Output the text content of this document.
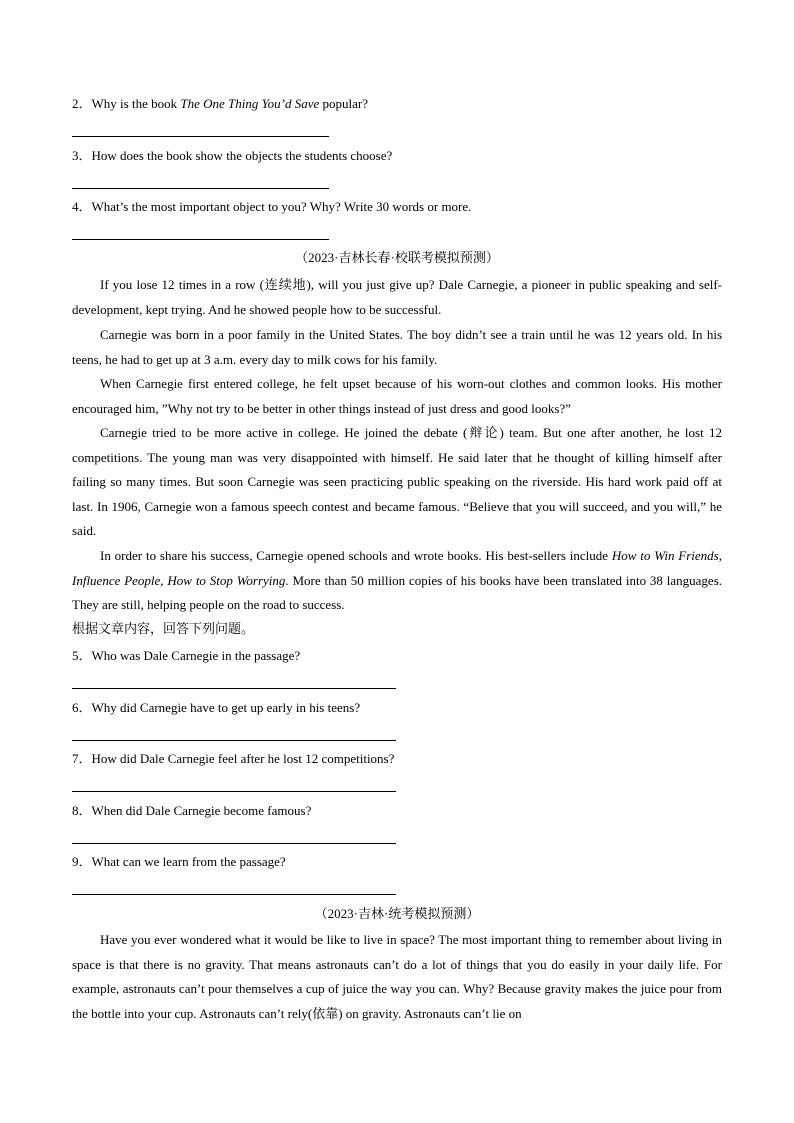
2．Why is the book The One Thing You’d Save popular?
3．How does the book show the objects the students choose?
4．What’s the most important object to you? Why? Write 30 words or more.
（2023·吉林长春·校联考模拟预测）
If you lose 12 times in a row (连续地), will you just give up? Dale Carnegie, a pioneer in public speaking and self-development, kept trying. And he showed people how to be successful.
Carnegie was born in a poor family in the United States. The boy didn’t see a train until he was 12 years old. In his teens, he had to get up at 3 a.m. every day to milk cows for his family.
When Carnegie first entered college, he felt upset because of his worn-out clothes and common looks. His mother encouraged him, ”Why not try to be better in other things instead of just dress and good looks?”
Carnegie tried to be more active in college. He joined the debate (辩论) team. But one after another, he lost 12 competitions. The young man was very disappointed with himself. He said later that he thought of killing himself after failing so many times. But soon Carnegie was seen practicing public speaking on the riverside. His hard work paid off at last. In 1906, Carnegie won a famous speech contest and became famous. “Believe that you will succeed, and you will,” he said.
In order to share his success, Carnegie opened schools and wrote books. His best-sellers include How to Win Friends, Influence People, How to Stop Worrying. More than 50 million copies of his books have been translated into 38 languages. They are still, helping people on the road to success.
根据文章内容，回答下列问题。
5．Who was Dale Carnegie in the passage?
6．Why did Carnegie have to get up early in his teens?
7．How did Dale Carnegie feel after he lost 12 competitions?
8．When did Dale Carnegie become famous?
9．What can we learn from the passage?
（2023·吉林·统考模拟预测）
Have you ever wondered what it would be like to live in space? The most important thing to remember about living in space is that there is no gravity. That means astronauts can’t do a lot of things that you do easily in your daily life. For example, astronauts can’t pour themselves a cup of juice the way you can. Why? Because gravity makes the juice pour from the bottle into your cup. Astronauts can’t rely(依靠) on gravity. Astronauts can’t lie on
